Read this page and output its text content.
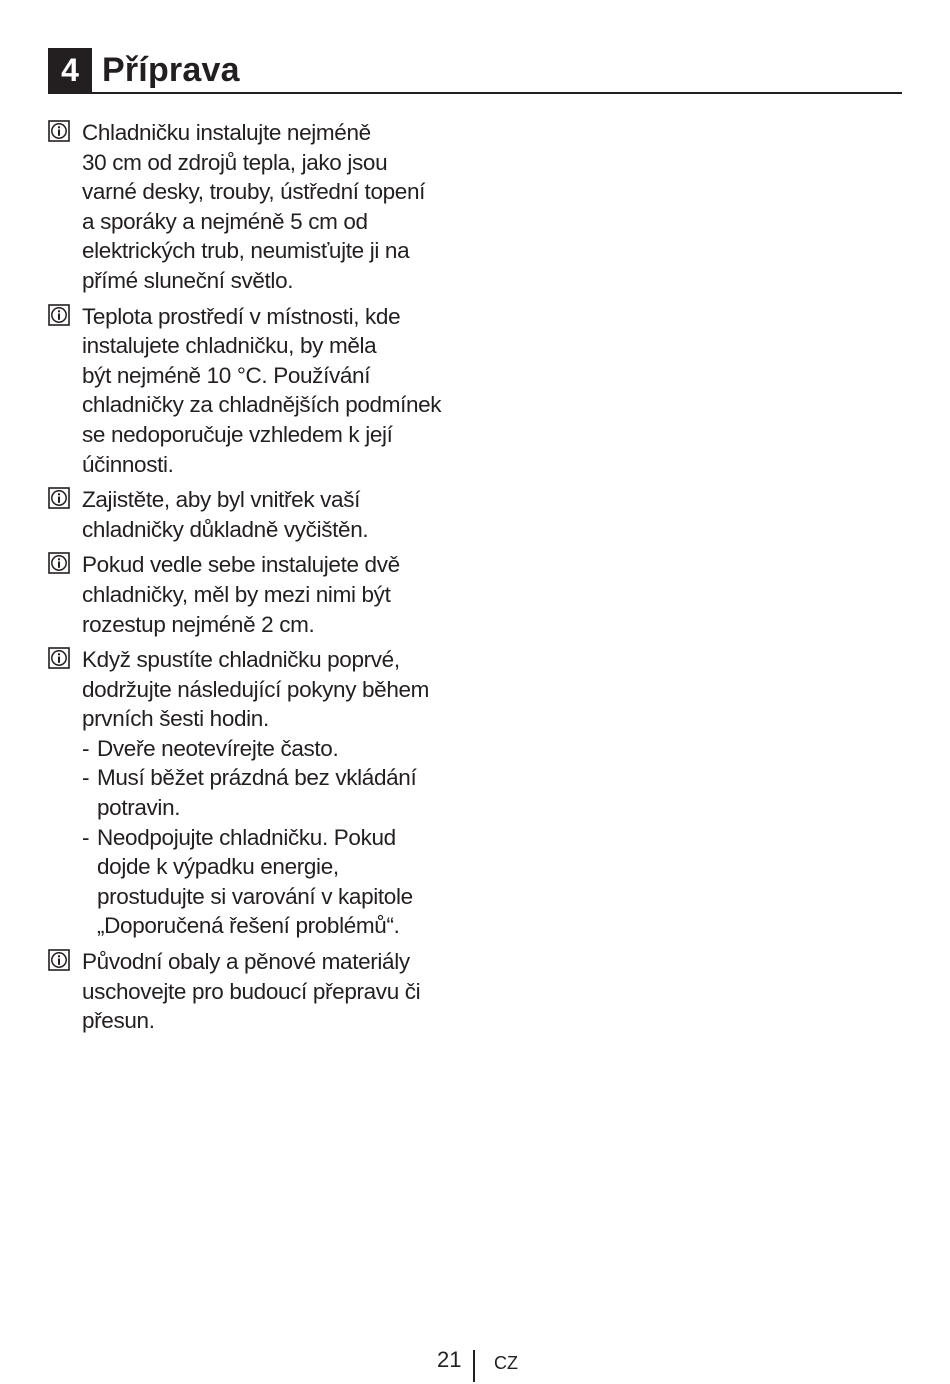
4 Příprava
Chladničku instalujte nejméně
30 cm od zdrojů tepla, jako jsou
varné desky, trouby, ústřední topení
a sporáky a nejméně 5 cm od
elektrických trub, neumisťujte ji na
přímé sluneční světlo.
Teplota prostředí v místnosti, kde
instalujete chladničku, by měla
být nejméně 10 °C. Používání
chladničky za chladnějších podmínek
se nedoporučuje vzhledem k její
účinnosti.
Zajistěte, aby byl vnitřek vaší
chladničky důkladně vyčištěn.
Pokud vedle sebe instalujete dvě
chladničky, měl by mezi nimi být
rozestup nejméně 2 cm.
Když spustíte chladničku poprvé,
dodržujte následující pokyny během
prvních šesti hodin.
- Dveře neotevírejte často.
- Musí běžet prázdná bez vkládání
potravin.
- Neodpojujte chladničku. Pokud
dojde k výpadku energie,
prostudujte si varování v kapitole
„Doporučená řešení problémů“.
Původní obaly a pěnové materiály
uschovejte pro budoucí přepravu či
přesun.
21 CZ
